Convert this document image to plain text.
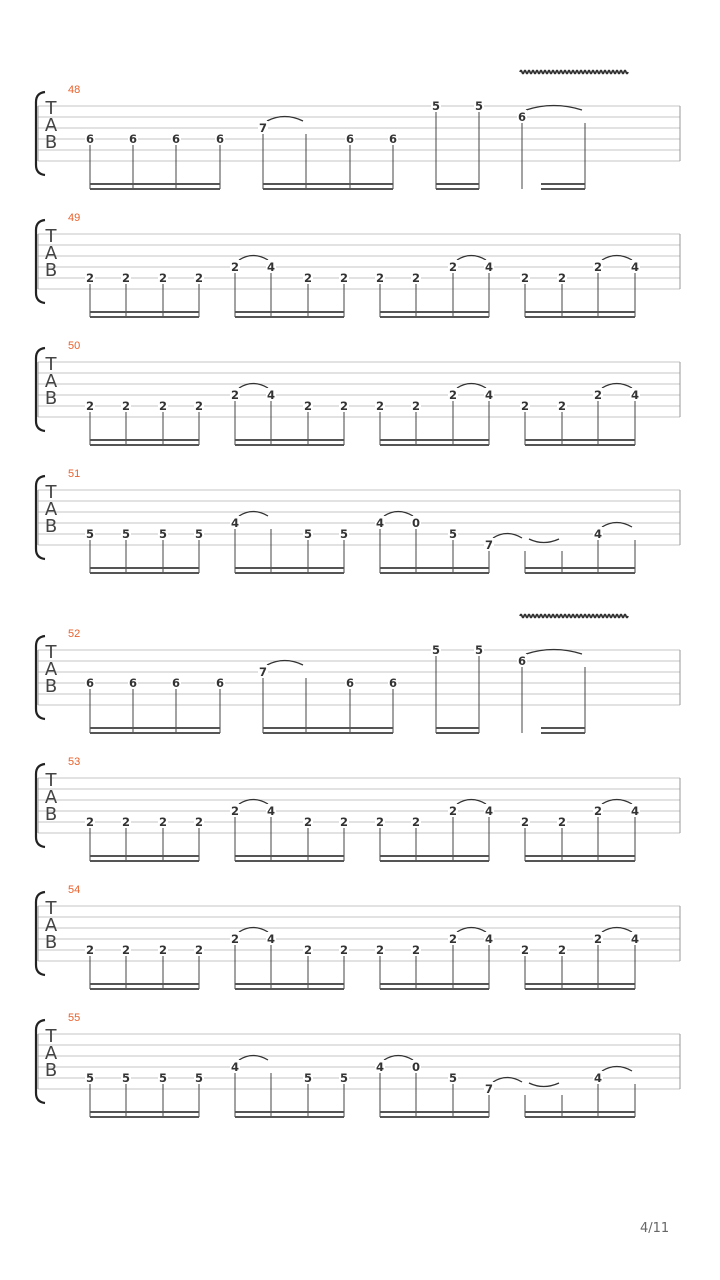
T
A
B
48
6	6	6	6
7
6	6
5	5
6
T
A
B
49
2 2	2 2
2 4
2 2 2 2
2 4
2	2
2	4
T
A
B
50
2 2	2 2
2 4
2 2 2 2
2 4
2	2
2	4
T
A
B
51
5 5	5 5
4
5 5
4 0
5
7
4
T
A
B
52
6	6	6	6
7
6	6
5	5
6
T
A
B
53
2 2	2 2
2 4
2 2 2 2
2 4
2	2
2	4
T
A
B
54
2 2	2 2
2 4
2 2 2 2
2 4
2	2
2	4
T
A
B
55
5 5	5 5
4
5 5
4 0
5
7
4
4/11
